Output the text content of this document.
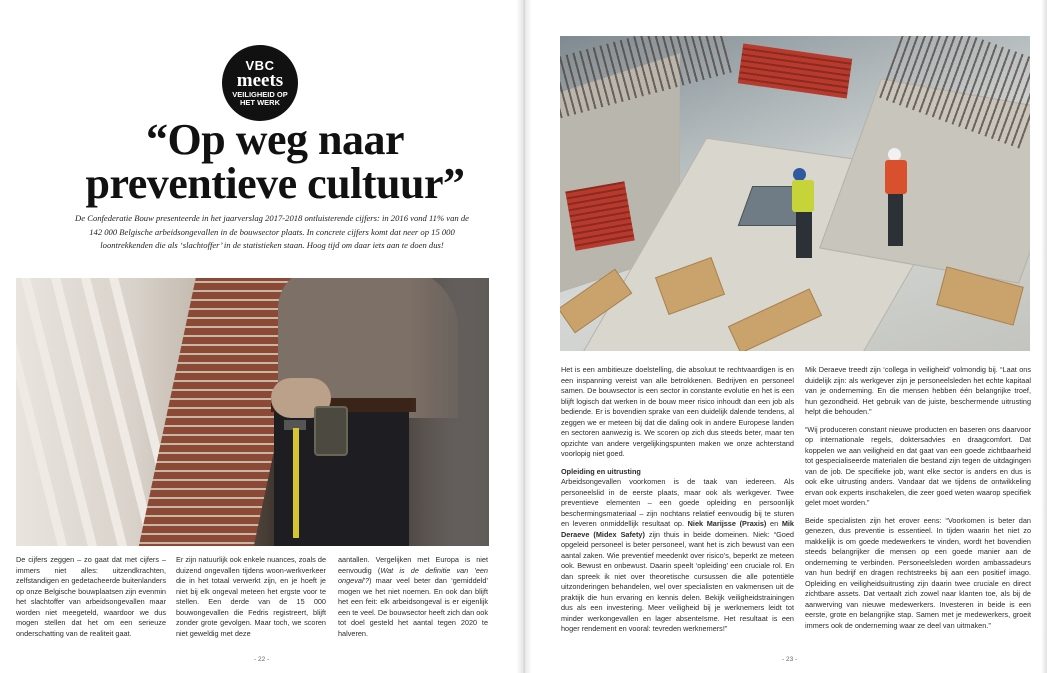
VBC
meets
VEILIGHEID OP
HET WERK
“Op weg naar
preventieve cultuur”
De Confederatie Bouw presenteerde in het jaarverslag 2017-2018 ontluisterende cijfers: in 2016 vond 11% van de 142 000 Belgische arbeidsongevallen in de bouwsector plaats. In concrete cijfers komt dat neer op 15 000 loontrekkenden die als ‘slachtoffer’ in de statistieken staan. Hoog tijd om daar iets aan te doen dus!

De cijfers zeggen – zo gaat dat met cijfers – immers niet alles: uitzendkrachten, zelfstandigen en gedetacheerde buitenlanders op onze Belgische bouwplaatsen zijn evenmin het slachtoffer van arbeidsongevallen maar worden niet meegeteld, waardoor we dus mogen stellen dat het om een serieuze onderschatting van de realiteit gaat.

Er zijn natuurlijk ook enkele nuances, zoals de duizend ongevallen tijdens woon-werkverkeer die in het totaal verwerkt zijn, en je hoeft je niet bij elk ongeval meteen het ergste voor te stellen. Een derde van de 15 000 bouwongevallen die Fedris registreert, blijft zonder grote gevolgen. Maar toch, we scoren niet geweldig met deze

aantallen. Vergelijken met Europa is niet eenvoudig (Wat is de definitie van 'een ongeval'?) maar veel beter dan ‘gemiddeld’ mogen we het niet noemen. En ook dan blijft het een feit: elk arbeidsongeval is er eigenlijk een te veel. De bouwsector heeft zich dan ook tot doel gesteld het aantal tegen 2020 te halveren.

- 22 -

Het is een ambitieuze doelstelling, die absoluut te rechtvaardigen is en een inspanning vereist van alle betrokkenen. Bedrijven en personeel samen. De bouwsector is een sector in constante evolutie en het is een blijft logisch dat werken in de bouw meer risico inhoudt dan een job als bediende. Er is bovendien sprake van een duidelijk dalende tendens, al zeggen we er meteen bij dat die daling ook in andere Europese landen en sectoren aanwezig is. We scoren op zich dus steeds beter, maar ten opzichte van andere vergelijkingspunten maken we onze achterstand voorlopig niet goed.

Opleiding en uitrusting

Arbeidsongevallen voorkomen is de taak van iedereen. Als personeelslid in de eerste plaats, maar ook als werkgever. Twee preventieve elementen – een goede opleiding en persoonlijk beschermingsmateriaal – zijn nochtans relatief eenvoudig bij te sturen en leveren onmiddellijk resultaat op. Niek Marijsse (Praxis) en Mik Deraeve (Midex Safety) zijn thuis in beide domeinen. Niek: “Goed opgeleid personeel is beter personeel, want het is zich bewust van een aantal zaken. Wie preventief meedenkt over risico’s, beperkt ze meteen ook. Bewust en onbewust. Daarin speelt ‘opleiding’ een cruciale rol. En dan spreek ik niet over theoretische cursussen die alle potentiële uitzonderingen behandelen, wel over specialisten en vakmensen uit de praktijk die hun ervaring en kennis delen. Bekijk veiligheidstrainingen dus als een investering. Meer veiligheid bij je werknemers leidt tot minder werkongevallen en lager absenteïsme. Het resultaat is een hoger rendement en vooral: tevreden werknemers!”

Mik Deraeve treedt zijn ‘collega in veiligheid’ volmondig bij. “Laat ons duidelijk zijn: als werkgever zijn je personeelsleden het echte kapitaal van je onderneming. En die mensen hebben één belangrijke troef, hun gezondheid. Het gebruik van de juiste, beschermende uitrusting helpt die behouden.”

“Wij produceren constant nieuwe producten en baseren ons daarvoor op internationale regels, doktersadvies en draagcomfort. Dat koppelen we aan veiligheid en dat gaat van een goede zichtbaarheid tot gespecialiseerde materialen die bestand zijn tegen de uitdagingen van de job. De specifieke job, want elke sector is anders en dus is ook elke uitrusting anders. Vandaar dat we tijdens de ontwikkeling ervan ook experts inschakelen, die zeer goed weten waarop specifiek gelet moet worden.”

Beide specialisten zijn het erover eens: “Voorkomen is beter dan genezen, dus preventie is essentieel. In tijden waarin het niet zo makkelijk is om goede medewerkers te vinden, wordt het bovendien steeds belangrijker die mensen op een goede manier aan de onderneming te verbinden. Personeelsleden worden ambassadeurs van hun bedrijf en dragen rechtstreeks bij aan een positief imago. Opleiding en veiligheidsuitrusting zijn daarin twee cruciale en direct zichtbare assets. Dat vertaalt zich zowel naar klanten toe, als bij de aanwerving van nieuwe medewerkers. Investeren in beide is een eerste, grote en belangrijke stap. Samen met je medewerkers, groeit immers ook de onderneming waar ze deel van uitmaken.”

- 23 -
